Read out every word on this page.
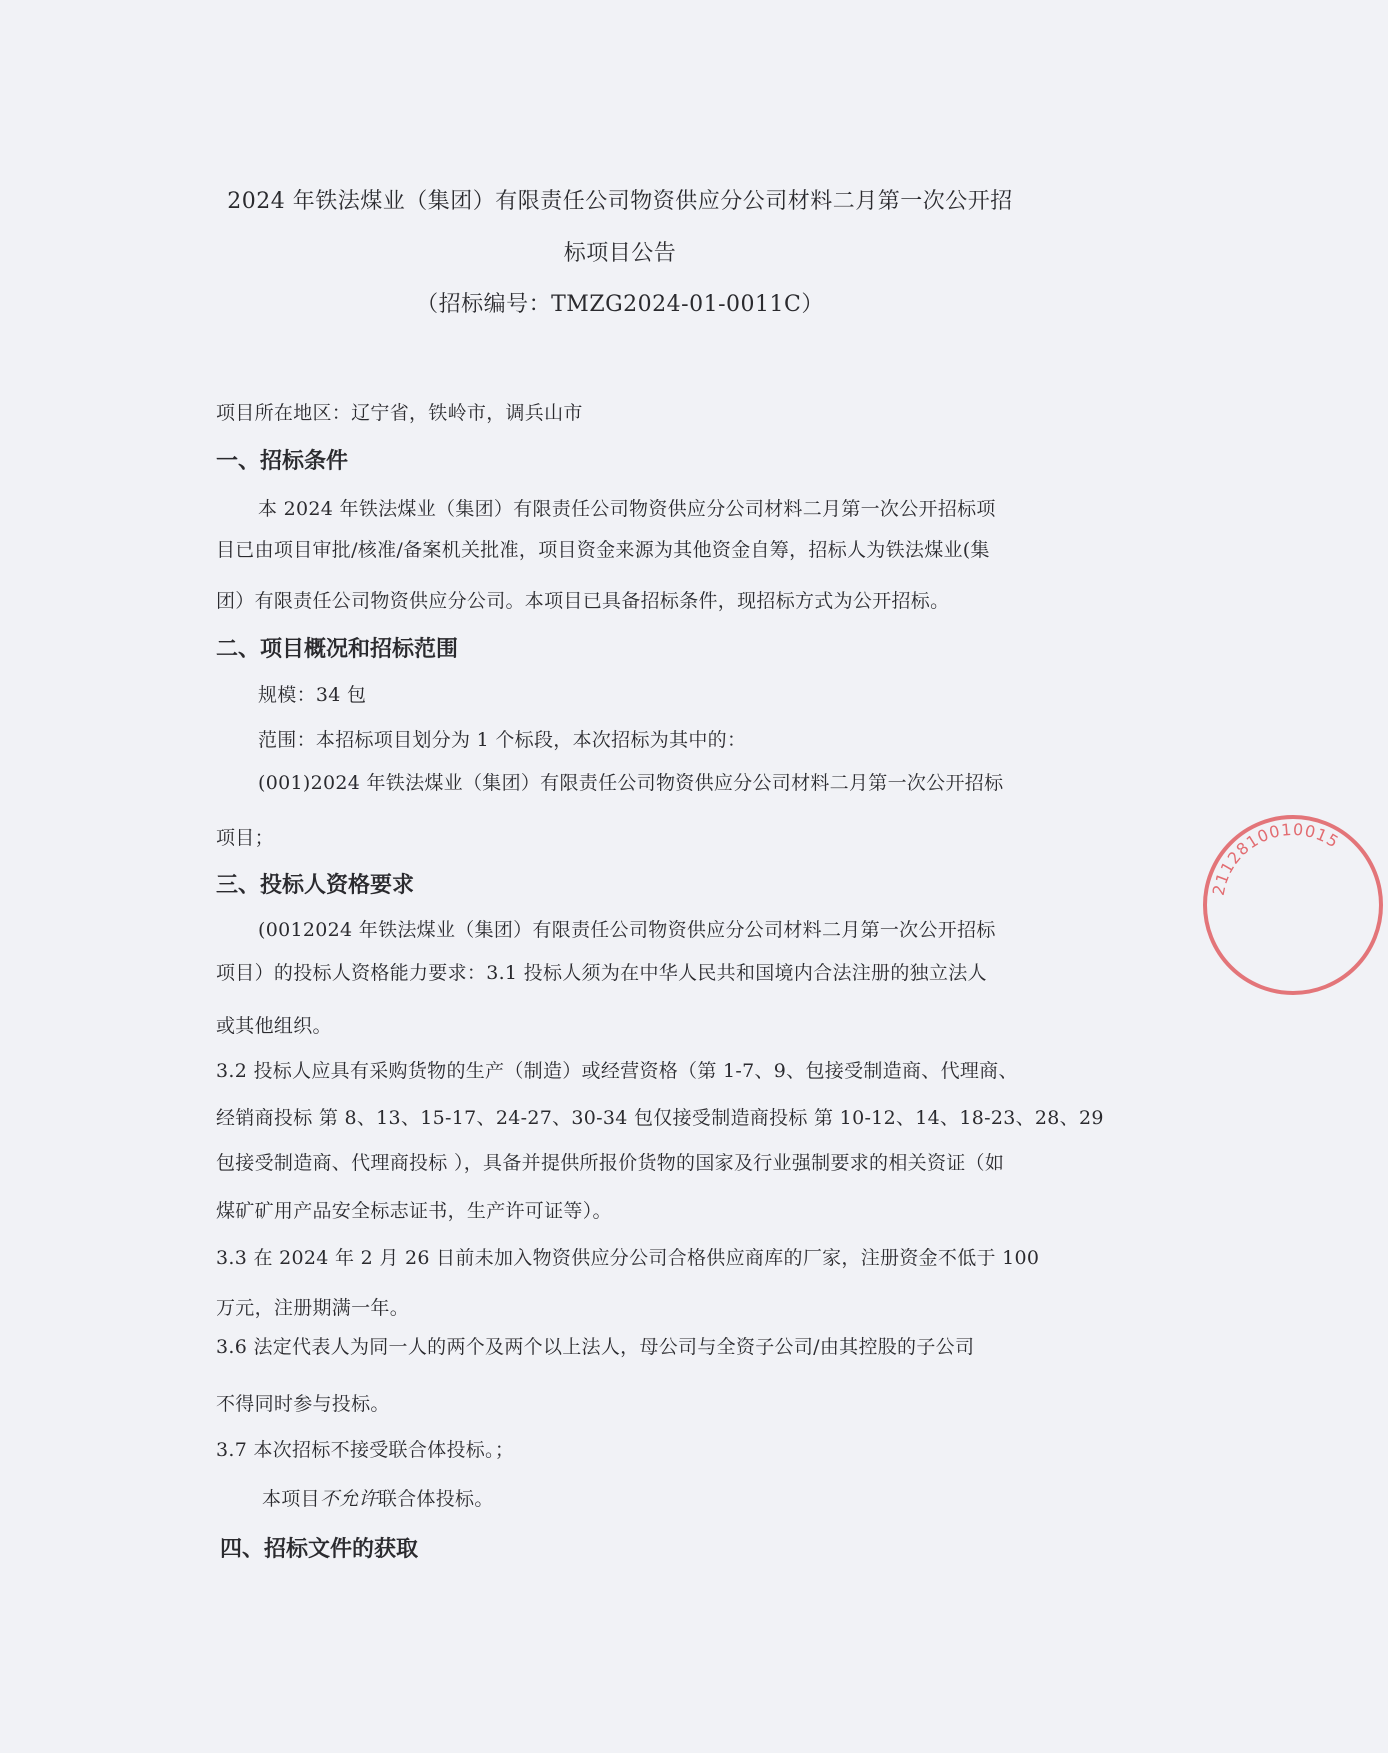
2024 年铁法煤业（集团）有限责任公司物资供应分公司材料二月第一次公开招
标项目公告
（招标编号：TMZG2024-01-0011C）
项目所在地区：辽宁省，铁岭市，调兵山市
一、招标条件
本 2024 年铁法煤业（集团）有限责任公司物资供应分公司材料二月第一次公开招标项
目已由项目审批/核准/备案机关批准，项目资金来源为其他资金自筹，招标人为铁法煤业(集
团）有限责任公司物资供应分公司。本项目已具备招标条件，现招标方式为公开招标。
二、项目概况和招标范围
规模：34 包
范围：本招标项目划分为 1 个标段，本次招标为其中的：
(001)2024 年铁法煤业（集团）有限责任公司物资供应分公司材料二月第一次公开招标
项目；
三、投标人资格要求
(0012024 年铁法煤业（集团）有限责任公司物资供应分公司材料二月第一次公开招标
项目）的投标人资格能力要求：3.1 投标人须为在中华人民共和国境内合法注册的独立法人
或其他组织。
3.2 投标人应具有采购货物的生产（制造）或经营资格（第 1-7、9、包接受制造商、代理商、
经销商投标 第 8、13、15-17、24-27、30-34 包仅接受制造商投标 第 10-12、14、18-23、28、29
包接受制造商、代理商投标 ），具备并提供所报价货物的国家及行业强制要求的相关资证（如
煤矿矿用产品安全标志证书，生产许可证等）。
3.3 在 2024 年 2 月 26 日前未加入物资供应分公司合格供应商库的厂家，注册资金不低于 100
万元，注册期满一年。
3.6 法定代表人为同一人的两个及两个以上法人，母公司与全资子公司/由其控股的子公司
不得同时参与投标。
3.7 本次招标不接受联合体投标。；
本项目不允许联合体投标。
四、招标文件的获取
2112810010015
